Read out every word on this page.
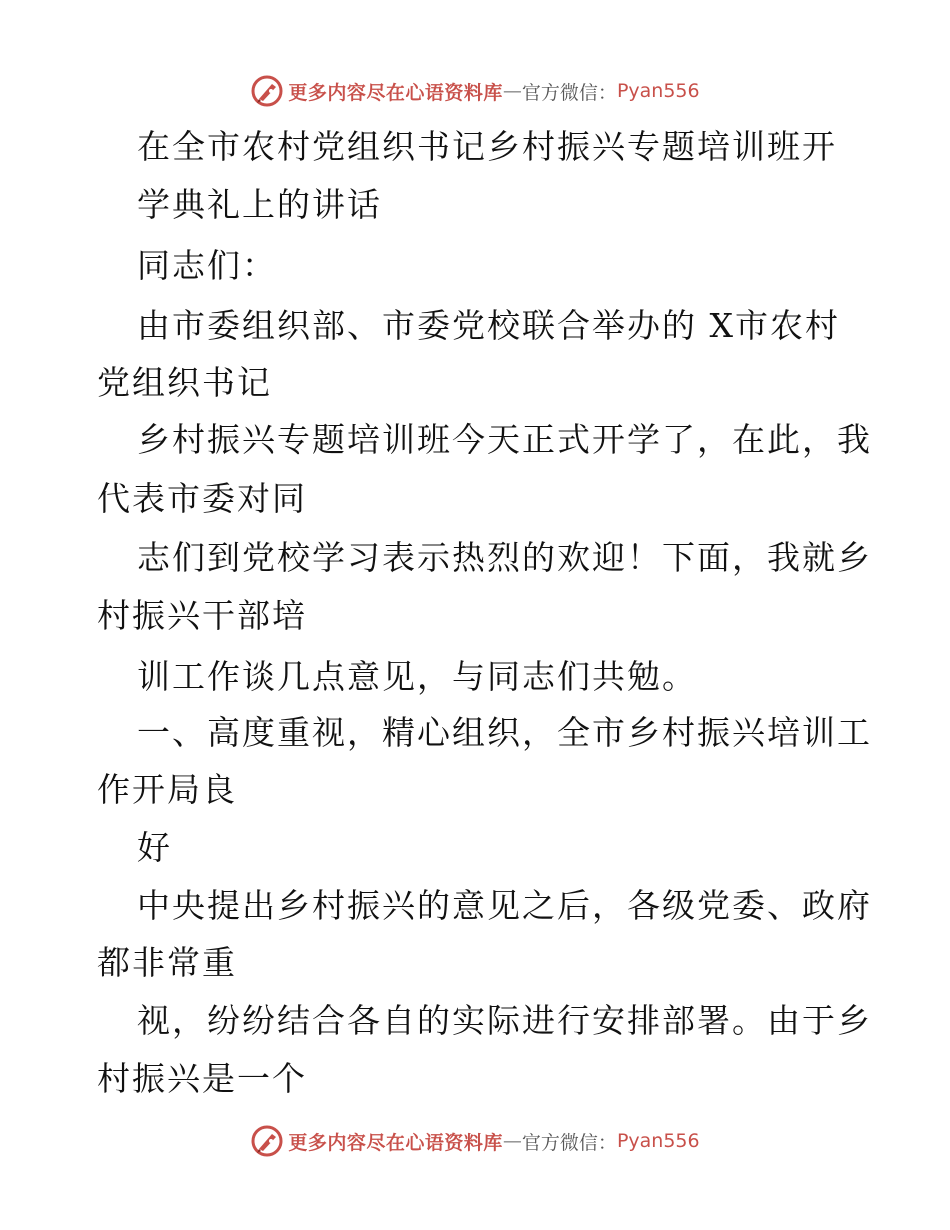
更多内容尽在心语资料库 — 官方微信： Pyan556
在全市农村党组织书记乡村振兴专题培训班开
学典礼上的讲话
同志们：
由市委组织部、市委党校联合举办的 X市农村
党组织书记
乡村振兴专题培训班今天正式开学了，在此，我
代表市委对同
志们到党校学习表示热烈的欢迎！下面，我就乡
村振兴干部培
训工作谈几点意见，与同志们共勉。
一、高度重视，精心组织，全市乡村振兴培训工
作开局良
好
中央提出乡村振兴的意见之后，各级党委、政府
都非常重
视，纷纷结合各自的实际进行安排部署。由于乡
村振兴是一个
更多内容尽在心语资料库 — 官方微信： Pyan556
